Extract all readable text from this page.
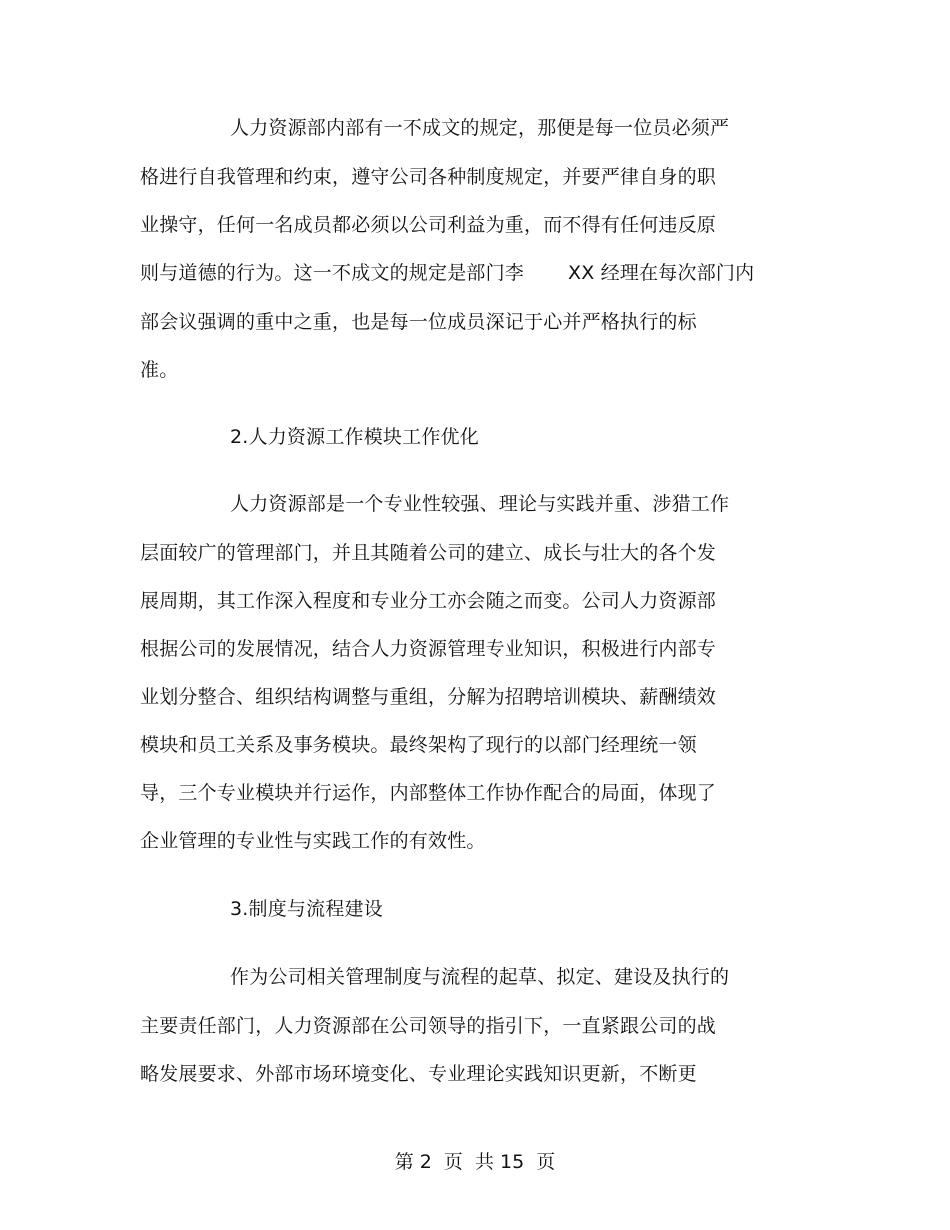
人力资源部内部有一不成文的规定，那便是每一位员必须严
格进行自我管理和约束，遵守公司各种制度规定，并要严律自身的职
业操守，任何一名成员都必须以公司利益为重，而不得有任何违反原
则与道德的行为。这一不成文的规定是部门李 XX 经理在每次部门内
部会议强调的重中之重，也是每一位成员深记于心并严格执行的标
准。
2.人力资源工作模块工作优化
人力资源部是一个专业性较强、理论与实践并重、涉猎工作
层面较广的管理部门，并且其随着公司的建立、成长与壮大的各个发
展周期，其工作深入程度和专业分工亦会随之而变。公司人力资源部
根据公司的发展情况，结合人力资源管理专业知识，积极进行内部专
业划分整合、组织结构调整与重组，分解为招聘培训模块、薪酬绩效
模块和员工关系及事务模块。最终架构了现行的以部门经理统一领
导，三个专业模块并行运作，内部整体工作协作配合的局面，体现了
企业管理的专业性与实践工作的有效性。
3.制度与流程建设
作为公司相关管理制度与流程的起草、拟定、建设及执行的
主要责任部门，人力资源部在公司领导的指引下，一直紧跟公司的战
略发展要求、外部市场环境变化、专业理论实践知识更新，不断更
第 2  页  共 15  页
